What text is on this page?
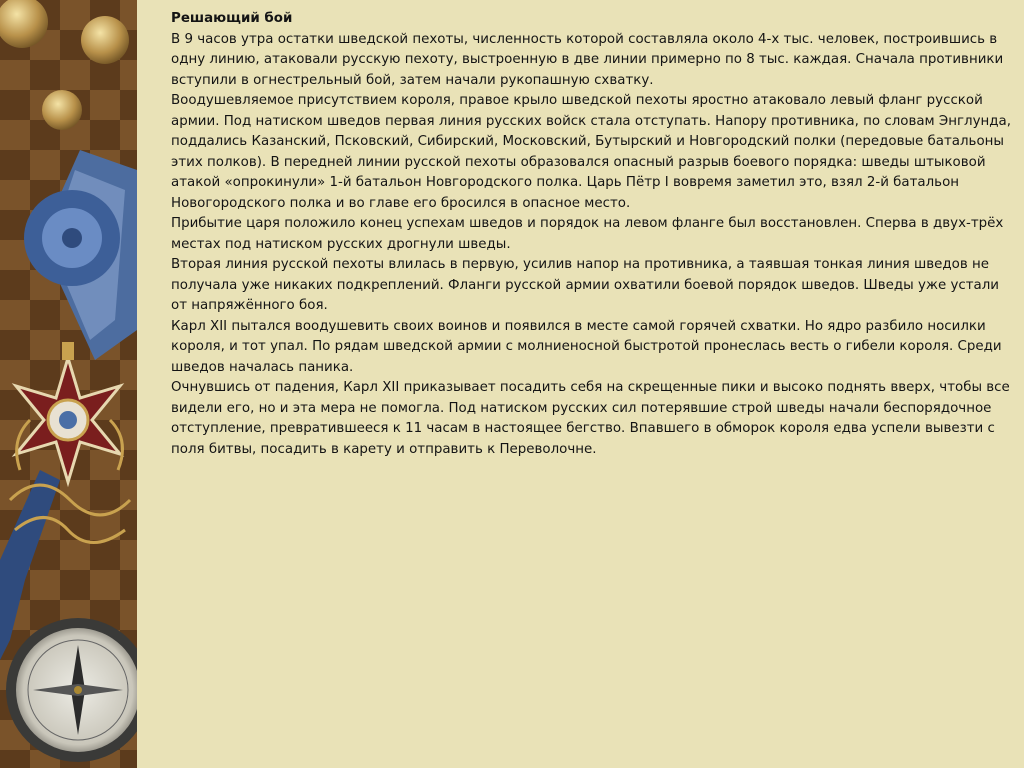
Решающий бой

В 9 часов утра остатки шведской пехоты, численность которой составляла около 4-х тыс. человек, построившись в одну линию, атаковали русскую пехоту, выстроенную в две линии примерно по 8 тыс. каждая. Сначала противники вступили в огнестрельный бой, затем начали рукопашную схватку.

Воодушевляемое присутствием короля, правое крыло шведской пехоты яростно атаковало левый фланг русской армии. Под натиском шведов первая линия русских войск стала отступать. Напору противника, по словам Энглунда, поддались Казанский, Псковский, Сибирский, Московский, Бутырский и Новгородский полки (передовые батальоны этих полков). В передней линии русской пехоты образовался опасный разрыв боевого порядка: шведы штыковой атакой «опрокинули» 1-й батальон Новгородского полка. Царь Пётр I вовремя заметил это, взял 2-й батальон Новогородского полка и во главе его бросился в опасное место.

Прибытие царя положило конец успехам шведов и порядок на левом фланге был восстановлен. Сперва в двух-трёх местах под натиском русских дрогнули шведы.

Вторая линия русской пехоты влилась в первую, усилив напор на противника, а таявшая тонкая линия шведов не получала уже никаких подкреплений. Фланги русской армии охватили боевой порядок шведов. Шведы уже устали от напряжённого боя.

Карл XII пытался воодушевить своих воинов и появился в месте самой горячей схватки. Но ядро разбило носилки короля, и тот упал. По рядам шведской армии с молниеносной быстротой пронеслась весть о гибели короля. Среди шведов началась паника.

Очнувшись от падения, Карл XII приказывает посадить себя на скрещенные пики и высоко поднять вверх, чтобы все видели его, но и эта мера не помогла. Под натиском русских сил потерявшие строй шведы начали беспорядочное отступление, превратившееся к 11 часам в настоящее бегство. Впавшего в обморок короля едва успели вывезти с поля битвы, посадить в карету и отправить к Переволочне.
